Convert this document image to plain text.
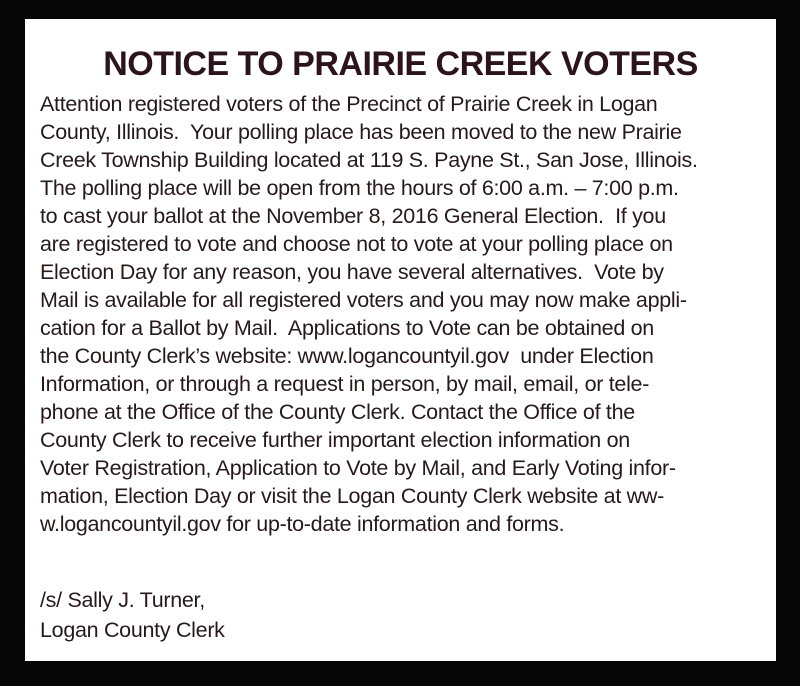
NOTICE TO PRAIRIE CREEK VOTERS
Attention registered voters of the Precinct of Prairie Creek in Logan
County, Illinois.  Your polling place has been moved to the new Prairie
Creek Township Building located at 119 S. Payne St., San Jose, Illinois.
The polling place will be open from the hours of 6:00 a.m. – 7:00 p.m.
to cast your ballot at the November 8, 2016 General Election.  If you
are registered to vote and choose not to vote at your polling place on
Election Day for any reason, you have several alternatives.  Vote by
Mail is available for all registered voters and you may now make appli-
cation for a Ballot by Mail.  Applications to Vote can be obtained on
the County Clerk’s website: www.logancountyil.gov  under Election
Information, or through a request in person, by mail, email, or tele-
phone at the Office of the County Clerk. Contact the Office of the
County Clerk to receive further important election information on
Voter Registration, Application to Vote by Mail, and Early Voting infor-
mation, Election Day or visit the Logan County Clerk website at ww-
w.logancountyil.gov for up-to-date information and forms.
/s/ Sally J. Turner,
Logan County Clerk
